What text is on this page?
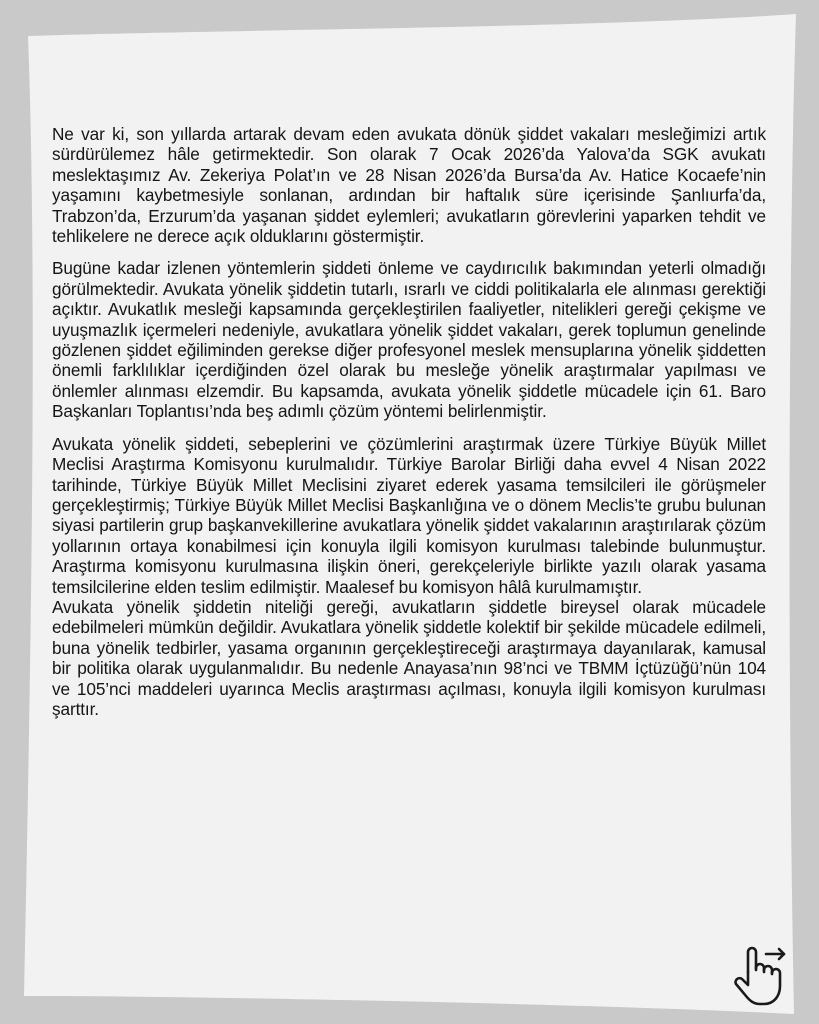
Ne var ki, son yıllarda artarak devam eden avukata dönük şiddet vakaları mesleğimizi artık sürdürülemez hâle getirmektedir. Son olarak 7 Ocak 2026’da Yalova’da SGK avukatı meslektaşımız Av. Zekeriya Polat’ın ve 28 Nisan 2026’da Bursa’da Av. Hatice Kocaefe’nin yaşamını kaybetmesiyle sonlanan, ardından bir haftalık süre içerisinde Şanlıurfa’da, Trabzon’da, Erzurum’da yaşanan şiddet eylemleri; avukatların görevlerini yaparken tehdit ve tehlikelere ne derece açık olduklarını göstermiştir.

Bugüne kadar izlenen yöntemlerin şiddeti önleme ve caydırıcılık bakımından yeterli olmadığı görülmektedir. Avukata yönelik şiddetin tutarlı, ısrarlı ve ciddi politikalarla ele alınması gerektiği açıktır. Avukatlık mesleği kapsamında gerçekleştirilen faaliyetler, nitelikleri gereği çekişme ve uyuşmazlık içermeleri nedeniyle, avukatlara yönelik şiddet vakaları, gerek toplumun genelinde gözlenen şiddet eğiliminden gerekse diğer profesyonel meslek mensuplarına yönelik şiddetten önemli farklılıklar içerdiğinden özel olarak bu mesleğe yönelik araştırmalar yapılması ve önlemler alınması elzemdir. Bu kapsamda, avukata yönelik şiddetle mücadele için 61. Baro Başkanları Toplantısı’nda beş adımlı çözüm yöntemi belirlenmiştir.

Avukata yönelik şiddeti, sebeplerini ve çözümlerini araştırmak üzere Türkiye Büyük Millet Meclisi Araştırma Komisyonu kurulmalıdır. Türkiye Barolar Birliği daha evvel 4 Nisan 2022 tarihinde, Türkiye Büyük Millet Meclisini ziyaret ederek yasama temsilcileri ile görüşmeler gerçekleştirmiş; Türkiye Büyük Millet Meclisi Başkanlığına ve o dönem Meclis’te grubu bulunan siyasi partilerin grup başkanvekillerine avukatlara yönelik şiddet vakalarının araştırılarak çözüm yollarının ortaya konabilmesi için konuyla ilgili komisyon kurulması talebinde bulunmuştur. Araştırma komisyonu kurulmasına ilişkin öneri, gerekçeleriyle birlikte yazılı olarak yasama temsilcilerine elden teslim edilmiştir. Maalesef bu komisyon hâlâ kurulmamıştır.

Avukata yönelik şiddetin niteliği gereği, avukatların şiddetle bireysel olarak mücadele edebilmeleri mümkün değildir. Avukatlara yönelik şiddetle kolektif bir şekilde mücadele edilmeli, buna yönelik tedbirler, yasama organının gerçekleştireceği araştırmaya dayanılarak, kamusal bir politika olarak uygulanmalıdır. Bu nedenle Anayasa’nın 98’nci ve TBMM İçtüzüğü’nün 104 ve 105’nci maddeleri uyarınca Meclis araştırması açılması, konuyla ilgili komisyon kurulması şarttır.
